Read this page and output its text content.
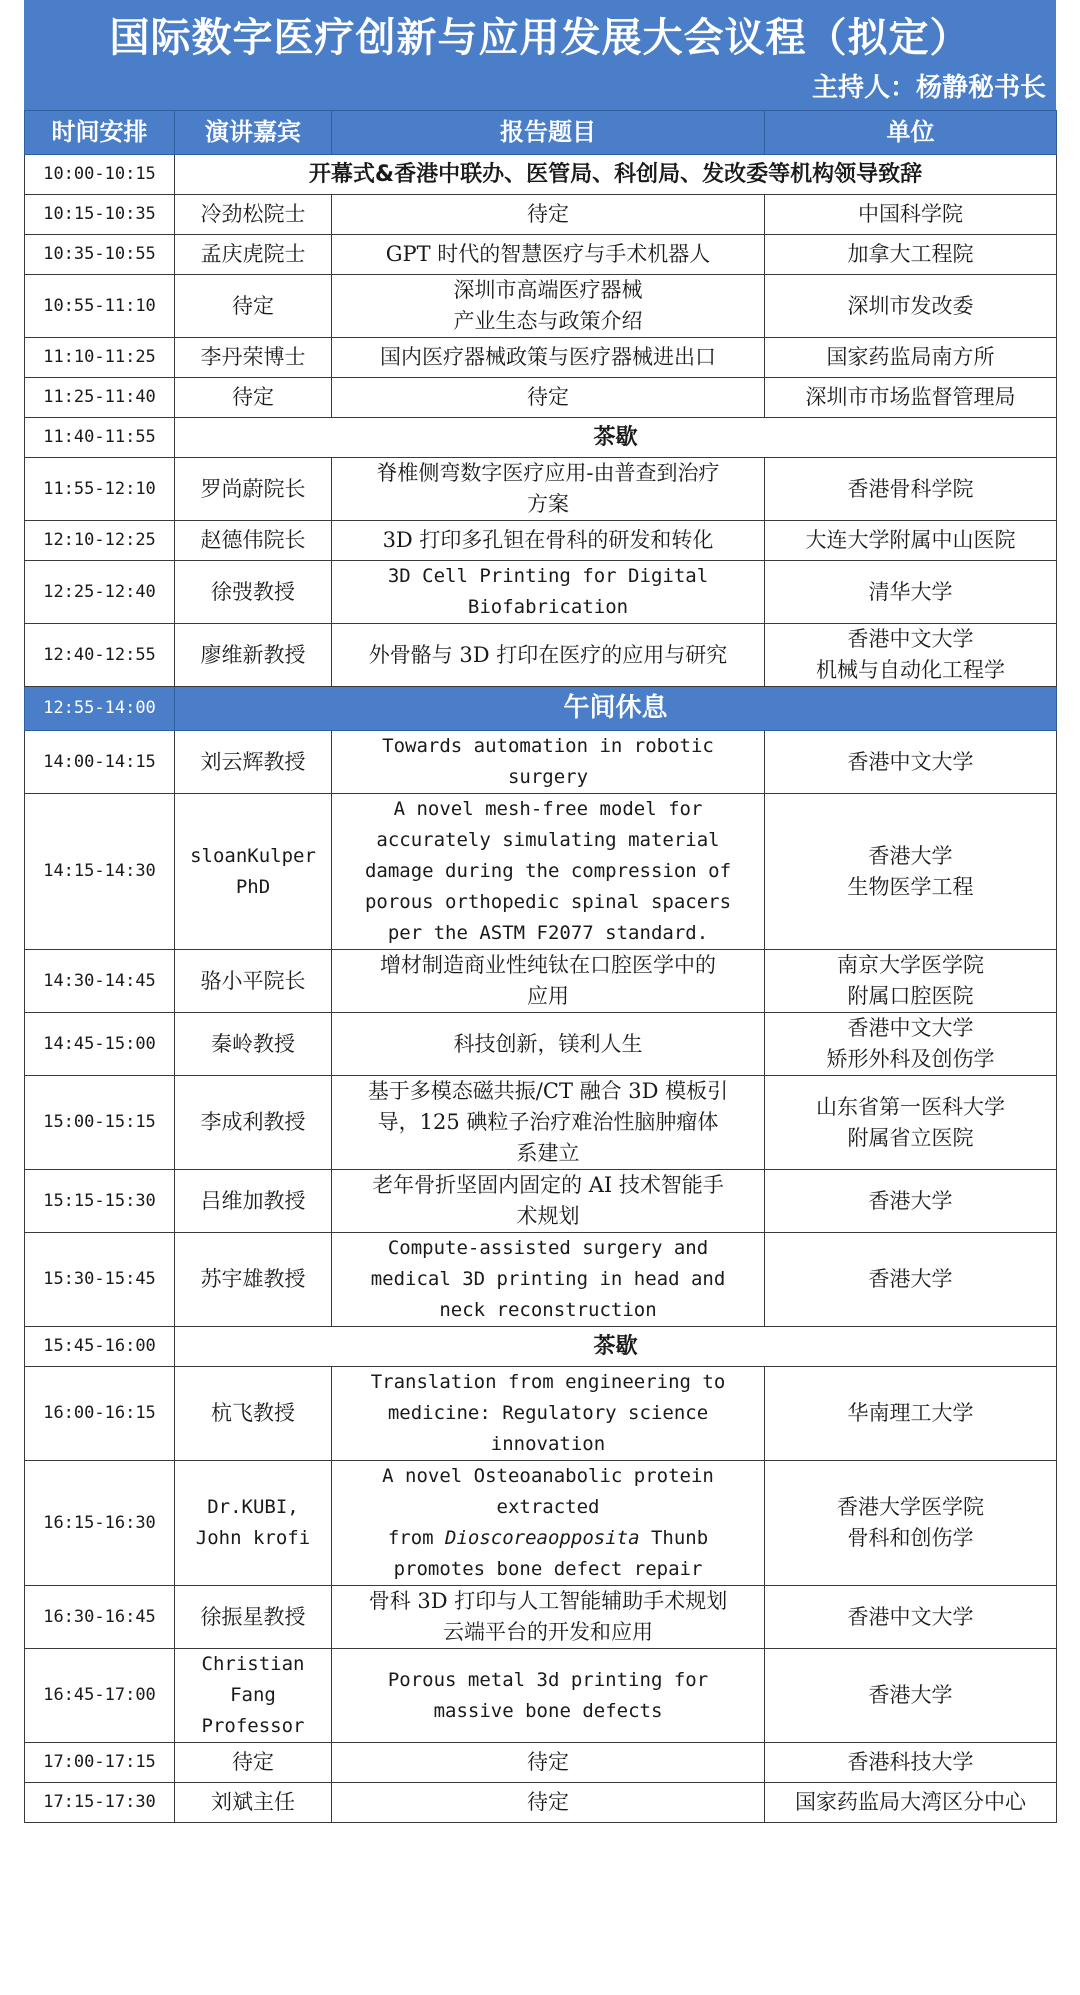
国际数字医疗创新与应用发展大会议程（拟定）
主持人：杨静秘书长
时间安排	演讲嘉宾	报告题目	单位
10:00-10:15	开幕式&香港中联办、医管局、科创局、发改委等机构领导致辞		
10:15-10:35	冷劲松院士	待定	中国科学院
10:35-10:55	孟庆虎院士	GPT 时代的智慧医疗与手术机器人	加拿大工程院
10:55-11:10	待定	深圳市高端医疗器械
产业生态与政策介绍	深圳市发改委
11:10-11:25	李丹荣博士	国内医疗器械政策与医疗器械进出口	国家药监局南方所
11:25-11:40	待定	待定	深圳市市场监督管理局
11:40-11:55	茶歇		
11:55-12:10	罗尚蔚院长	脊椎侧弯数字医疗应用-由普查到治疗
方案	香港骨科学院
12:10-12:25	赵德伟院长	3D 打印多孔钽在骨科的研发和转化	大连大学附属中山医院
12:25-12:40	徐弢教授	3D Cell Printing for Digital
Biofabrication	清华大学
12:40-12:55	廖维新教授	外骨骼与 3D 打印在医疗的应用与研究	香港中文大学
机械与自动化工程学
12:55-14:00	午间休息		
14:00-14:15	刘云辉教授	Towards automation in robotic
surgery	香港中文大学
14:15-14:30	sloanKulper
PhD	A novel mesh-free model for
accurately simulating material
damage during the compression of
porous orthopedic spinal spacers
per the ASTM F2077 standard.	香港大学
生物医学工程
14:30-14:45	骆小平院长	增材制造商业性纯钛在口腔医学中的
应用	南京大学医学院
附属口腔医院
14:45-15:00	秦岭教授	科技创新，镁利人生	香港中文大学
矫形外科及创伤学
15:00-15:15	李成利教授	基于多模态磁共振/CT 融合 3D 模板引
导，125 碘粒子治疗难治性脑肿瘤体
系建立	山东省第一医科大学
附属省立医院
15:15-15:30	吕维加教授	老年骨折坚固内固定的 AI 技术智能手
术规划	香港大学
15:30-15:45	苏宇雄教授	Compute-assisted surgery and
medical 3D printing in head and
neck reconstruction	香港大学
15:45-16:00	茶歇		
16:00-16:15	杭飞教授	Translation from engineering to
medicine: Regulatory science
innovation	华南理工大学
16:15-16:30	Dr.KUBI,
John krofi	A novel Osteoanabolic protein
extracted
from Dioscoreaopposita Thunb
promotes bone defect repair	香港大学医学院
骨科和创伤学
16:30-16:45	徐振星教授	骨科 3D 打印与人工智能辅助手术规划
云端平台的开发和应用	香港中文大学
16:45-17:00	Christian
Fang
Professor	Porous metal 3d printing for
massive bone defects	香港大学
17:00-17:15	待定	待定	香港科技大学
17:15-17:30	刘斌主任	待定	国家药监局大湾区分中心
